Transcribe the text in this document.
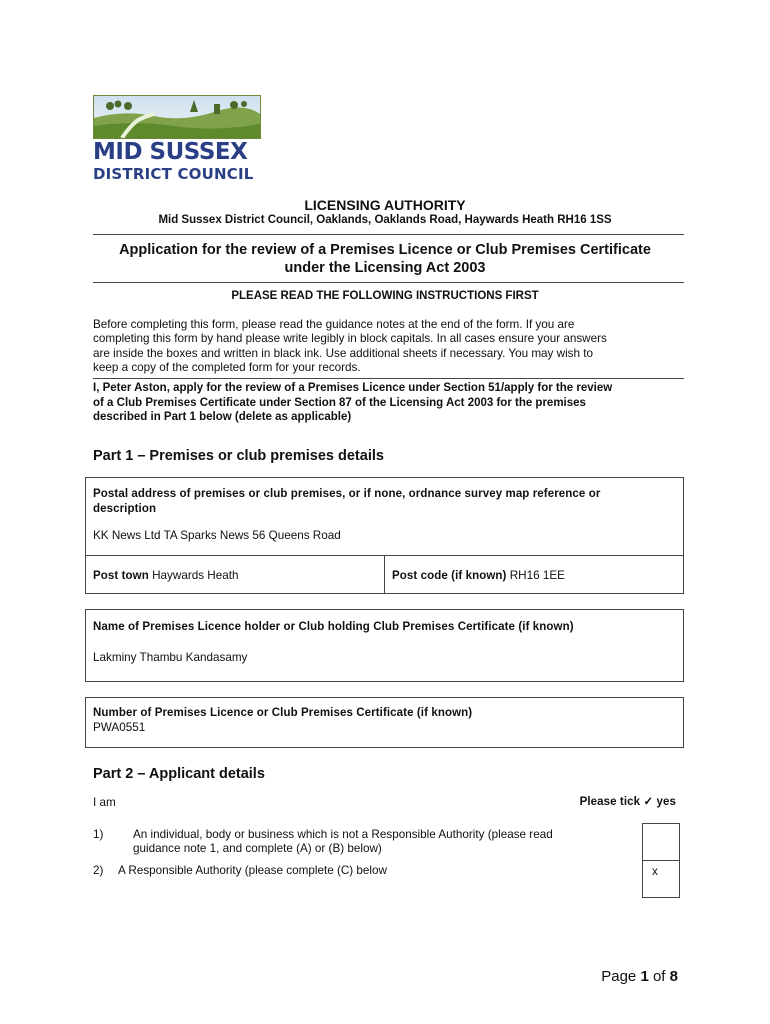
MID SUSSEX
DISTRICT COUNCIL
LICENSING AUTHORITY
Mid Sussex District Council, Oaklands, Oaklands Road, Haywards Heath RH16 1SS
Application for the review of a Premises Licence or Club Premises Certificate
under the Licensing Act 2003
PLEASE READ THE FOLLOWING INSTRUCTIONS FIRST
Before completing this form, please read the guidance notes at the end of the form. If you are
completing this form by hand please write legibly in block capitals. In all cases ensure your answers
are inside the boxes and written in black ink. Use additional sheets if necessary. You may wish to
keep a copy of the completed form for your records.
I, Peter Aston, apply for the review of a Premises Licence under Section 51/apply for the review
of a Club Premises Certificate under Section 87 of the Licensing Act 2003 for the premises
described in Part 1 below (delete as applicable)
Part 1 – Premises or club premises details
Postal address of premises or club premises, or if none, ordnance survey map reference or
description
KK News Ltd TA Sparks News 56 Queens Road
Post town Haywards Heath	Post code (if known) RH16 1EE
Name of Premises Licence holder or Club holding Club Premises Certificate (if known)
Lakminy Thambu Kandasamy
Number of Premises Licence or Club Premises Certificate (if known)
PWA0551
Part 2 – Applicant details
I am	Please tick ✓ yes
1)	An individual, body or business which is not a Responsible Authority (please read
guidance note 1, and complete (A) or (B) below)
2) A Responsible Authority (please complete (C) below	x
Page 1 of 8
